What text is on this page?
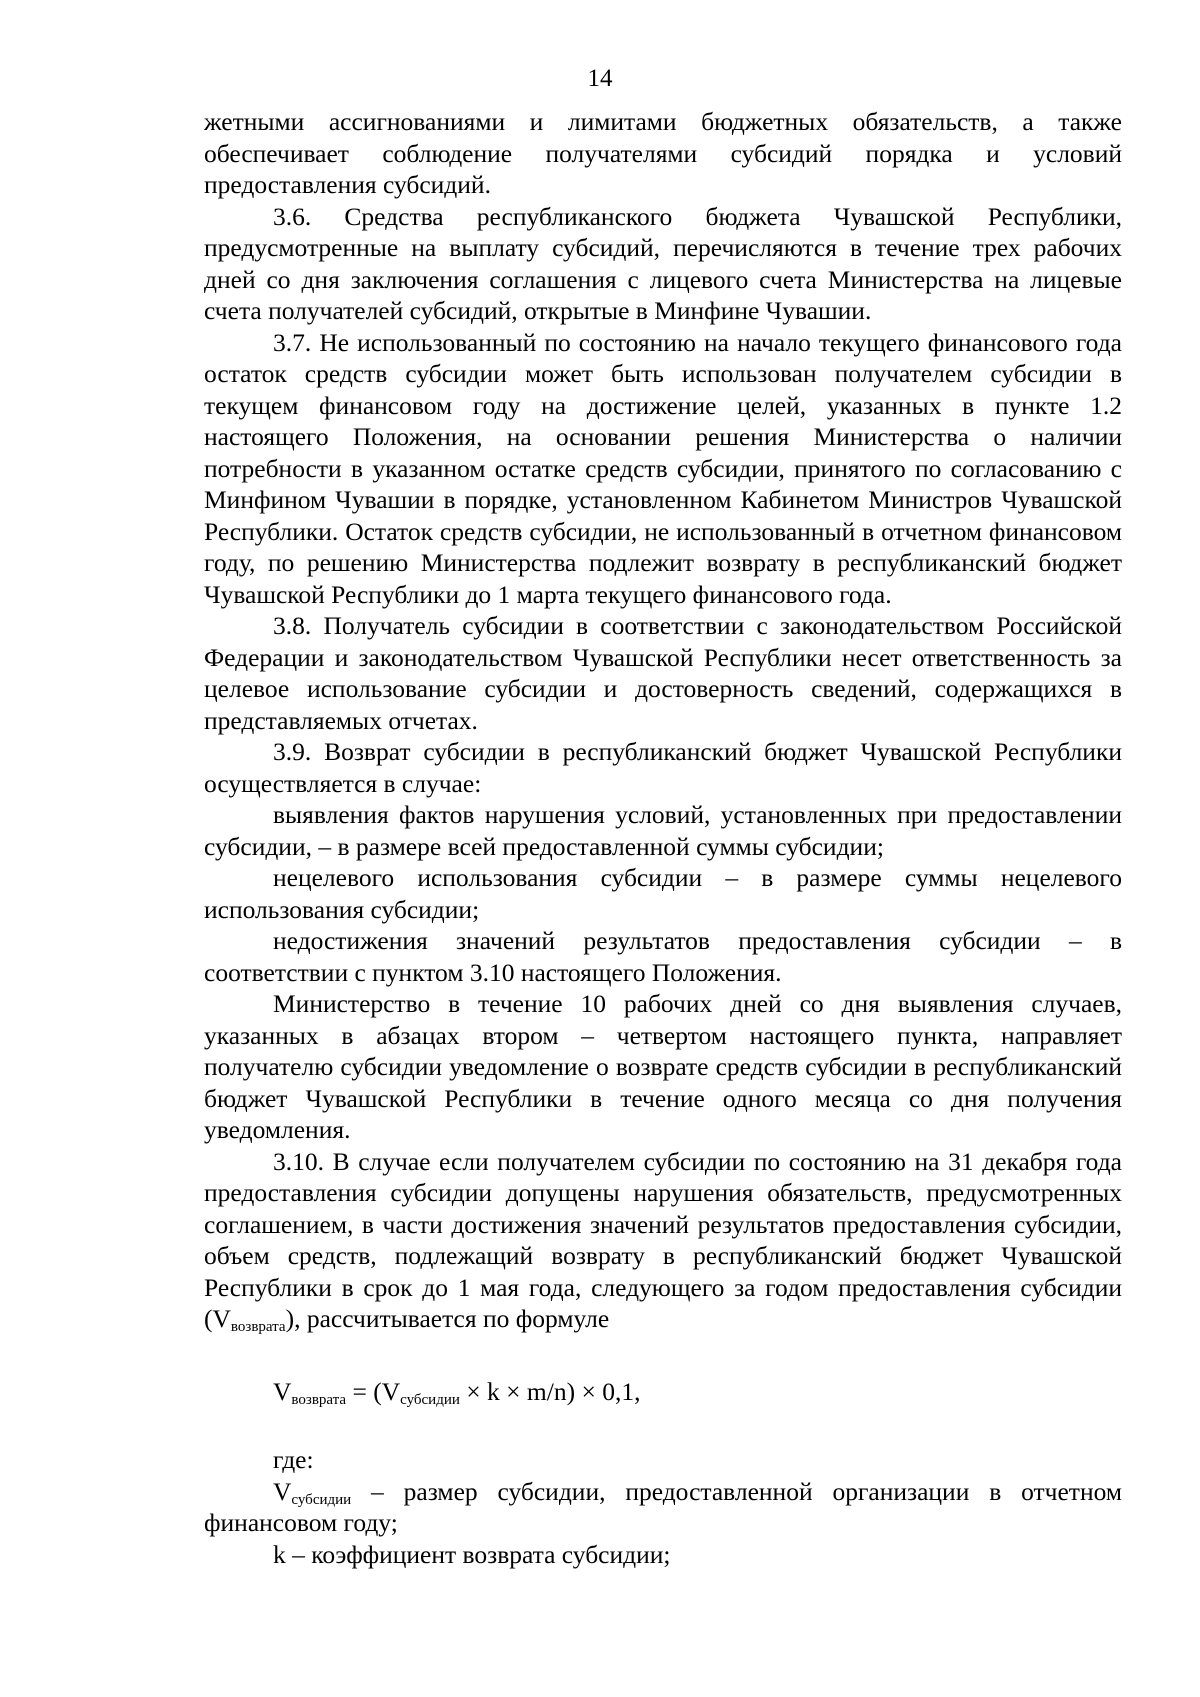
14

жетными ассигнованиями и лимитами бюджетных обязательств, а также обеспечивает соблюдение получателями субсидий порядка и условий предоставления субсидий.

3.6. Средства республиканского бюджета Чувашской Республики, предусмотренные на выплату субсидий, перечисляются в течение трех рабочих дней со дня заключения соглашения с лицевого счета Министерства на лицевые счета получателей субсидий, открытые в Минфине Чувашии.

3.7. Не использованный по состоянию на начало текущего финансового года остаток средств субсидии может быть использован получателем субсидии в текущем финансовом году на достижение целей, указанных в пункте 1.2 настоящего Положения, на основании решения Министерства о наличии потребности в указанном остатке средств субсидии, принятого по согласованию с Минфином Чувашии в порядке, установленном Кабинетом Министров Чувашской Республики. Остаток средств субсидии, не использованный в отчетном финансовом году, по решению Министерства подлежит возврату в республиканский бюджет Чувашской Республики до 1 марта текущего финансового года.

3.8. Получатель субсидии в соответствии с законодательством Российской Федерации и законодательством Чувашской Республики несет ответственность за целевое использование субсидии и достоверность сведений, содержащихся в представляемых отчетах.

3.9. Возврат субсидии в республиканский бюджет Чувашской Республики осуществляется в случае:

выявления фактов нарушения условий, установленных при предоставлении субсидии, – в размере всей предоставленной суммы субсидии;

нецелевого использования субсидии – в размере суммы нецелевого использования субсидии;

недостижения значений результатов предоставления субсидии – в соответствии с пунктом 3.10 настоящего Положения.

Министерство в течение 10 рабочих дней со дня выявления случаев, указанных в абзацах втором – четвертом настоящего пункта, направляет получателю субсидии уведомление о возврате средств субсидии в республиканский бюджет Чувашской Республики в течение одного месяца со дня получения уведомления.

3.10. В случае если получателем субсидии по состоянию на 31 декабря года предоставления субсидии допущены нарушения обязательств, предусмотренных соглашением, в части достижения значений результатов предоставления субсидии, объем средств, подлежащий возврату в республиканский бюджет Чувашской Республики в срок до 1 мая года, следующего за годом предоставления субсидии $(V_{возврата})$, рассчитывается по формуле

$V_{возврата} = (V_{субсидии} \times k \times m/n) \times 0,1$,

где:

$V_{субсидии}$ – размер субсидии, предоставленной организации в отчетном финансовом году;

k – коэффициент возврата субсидии;
